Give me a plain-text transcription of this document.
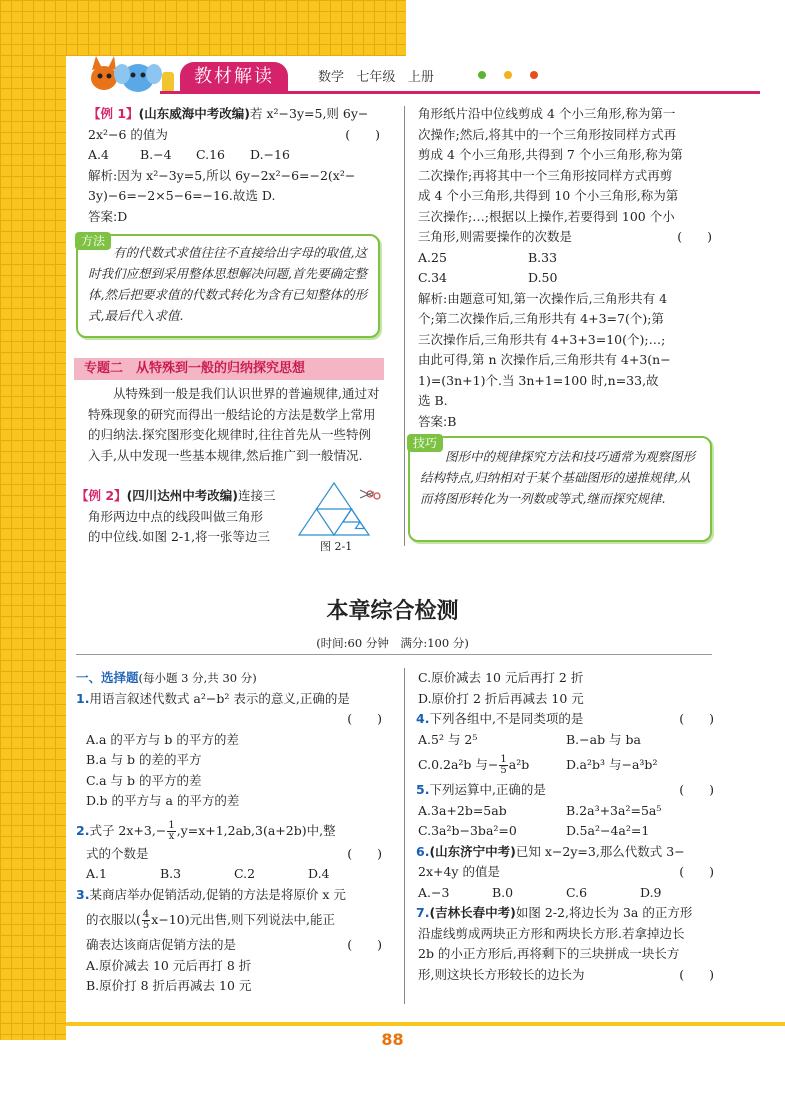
教材解读	数学 七年级 上册
【例 1】(山东威海中考改编)若 x²−3y=5,则 6y−
2x²−6 的值为	(　　)
A.4	B.−4	C.16	D.−16
解析:因为 x²−3y=5,所以 6y−2x²−6=−2(x²−
3y)−6=−2×5−6=−16.故选 D.
答案:D
方法
有的代数式求值往往不直接给出字母的取值,这时我们应想到采用整体思想解决问题,首先要确定整体,然后把要求值的代数式转化为含有已知整体的形式,最后代入求值.
专题二　从特殊到一般的归纳探究思想
从特殊到一般是我们认识世界的普遍规律,通过对特殊现象的研究而得出一般结论的方法是数学上常用的归纳法.探究图形变化规律时,往往首先从一些特例入手,从中发现一些基本规律,然后推广到一般情况.
【例 2】(四川达州中考改编)连接三
角形两边中点的线段叫做三角形
的中位线.如图 2-1,将一张等边三
图 2-1
角形纸片沿中位线剪成 4 个小三角形,称为第一
次操作;然后,将其中的一个三角形按同样方式再
剪成 4 个小三角形,共得到 7 个小三角形,称为第
二次操作;再将其中一个三角形按同样方式再剪
成 4 个小三角形,共得到 10 个小三角形,称为第
三次操作;…;根据以上操作,若要得到 100 个小
三角形,则需要操作的次数是	(　　)
A.25	B.33
C.34	D.50
解析:由题意可知,第一次操作后,三角形共有 4
个;第二次操作后,三角形共有 4+3=7(个);第
三次操作后,三角形共有 4+3+3=10(个);…;
由此可得,第 n 次操作后,三角形共有 4+3(n−
1)=(3n+1)个.当 3n+1=100 时,n=33,故
选 B.
答案:B
技巧
图形中的规律探究方法和技巧通常为观察图形结构特点,归纳相对于某个基础图形的递推规律,从而将图形转化为一列数或等式,继而探究规律.
本章综合检测
(时间:60 分钟　满分:100 分)
一、选择题(每小题 3 分,共 30 分)
1.用语言叙述代数式 a²−b² 表示的意义,正确的是
(　　)
A.a 的平方与 b 的平方的差
B.a 与 b 的差的平方
C.a 与 b 的平方的差
D.b 的平方与 a 的平方的差
2.式子 $2x+3,- \frac{1}{x} ,y=x+1,2ab,3(a+2b)$中,整
式的个数是	(　　)
A.1	B.3	C.2	D.4
3.某商店举办促销活动,促销的方法是将原价 x 元
的衣服以( $\frac{4}{5} x-10$)元出售,则下列说法中,能正
确表达该商店促销方法的是	(　　)
A.原价减去 10 元后再打 8 折
B.原价打 8 折后再减去 10 元
C.原价减去 10 元后再打 2 折
D.原价打 2 折后再减去 10 元
4.下列各组中,不是同类项的是	(　　)
A.5² 与 2⁵	B.−ab 与 ba
C.0.2a²b 与− $\frac{1}{5} a^2b$	D.a²b³ 与−a³b²
5.下列运算中,正确的是	(　　)
A.3a+2b=5ab	B.2a³+3a²=5a⁵
C.3a²b−3ba²=0	D.5a²−4a²=1
6.(山东济宁中考)已知 x−2y=3,那么代数式 3−
2x+4y 的值是	(　　)
A.−3	B.0	C.6	D.9
7.(吉林长春中考)如图 2-2,将边长为 3a 的正方形
沿虚线剪成两块正方形和两块长方形.若拿掉边长
2b 的小正方形后,再将剩下的三块拼成一块长方
形,则这块长方形较长的边长为	(　　)
88
